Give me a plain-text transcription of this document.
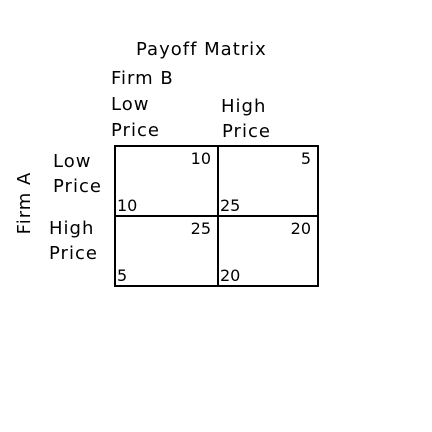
Payoff Matrix
Firm B
Low
Price
High
Price
Firm A
Low
Price
High
Price
10
10
5
25
25
5
20
20
